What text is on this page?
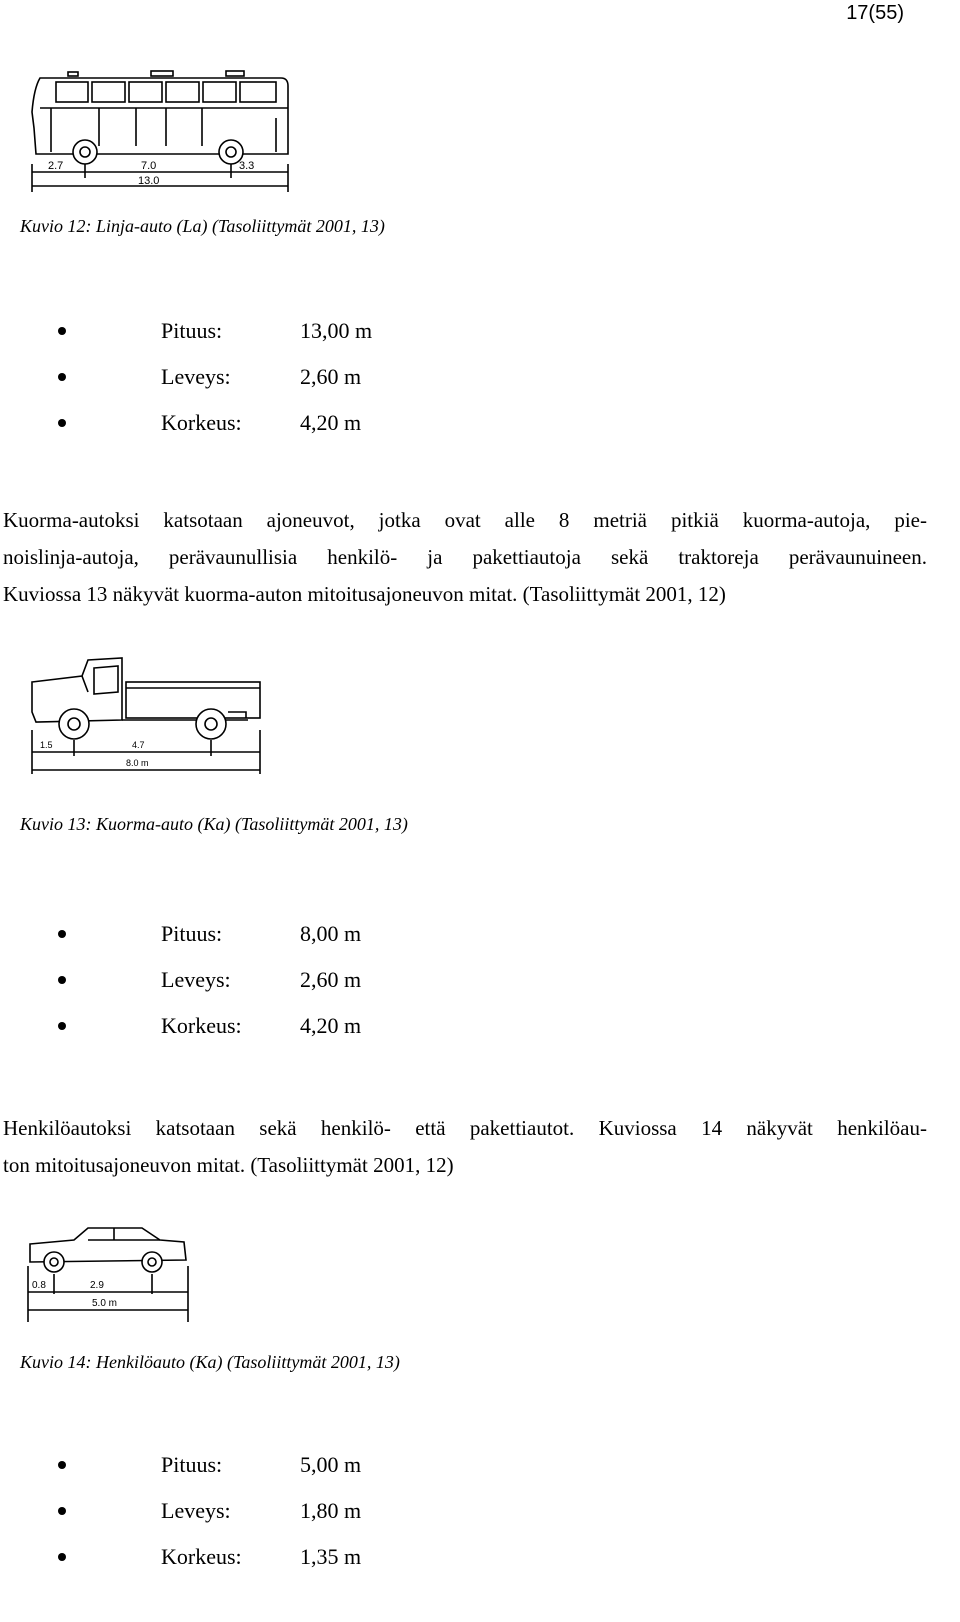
17(55)
2.7	7.0	3.3
13.0
Kuvio 12: Linja-auto (La) (Tasoliittymät 2001, 13)
Pituus:	13,00 m
Leveys:	2,60 m
Korkeus:	4,20 m

Kuorma-autoksi katsotaan ajoneuvot, jotka ovat alle 8 metriä pitkiä kuorma-autoja, pie-
noislinja-autoja, perävaunullisia henkilö- ja pakettiautoja sekä traktoreja perävaunuineen.
Kuviossa 13 näkyvät kuorma-auton mitoitusajoneuvon mitat. (Tasoliittymät 2001, 12)

1.5	4.7
8.0 m
Kuvio 13: Kuorma-auto (Ka) (Tasoliittymät 2001, 13)
Pituus:	8,00 m
Leveys:	2,60 m
Korkeus:	4,20 m

Henkilöautoksi katsotaan sekä henkilö- että pakettiautot. Kuviossa 14 näkyvät henkilöau-
ton mitoitusajoneuvon mitat. (Tasoliittymät 2001, 12)

0.8	2.9
5.0 m
Kuvio 14: Henkilöauto (Ka) (Tasoliittymät 2001, 13)
Pituus:	5,00 m
Leveys:	1,80 m
Korkeus:	1,35 m
